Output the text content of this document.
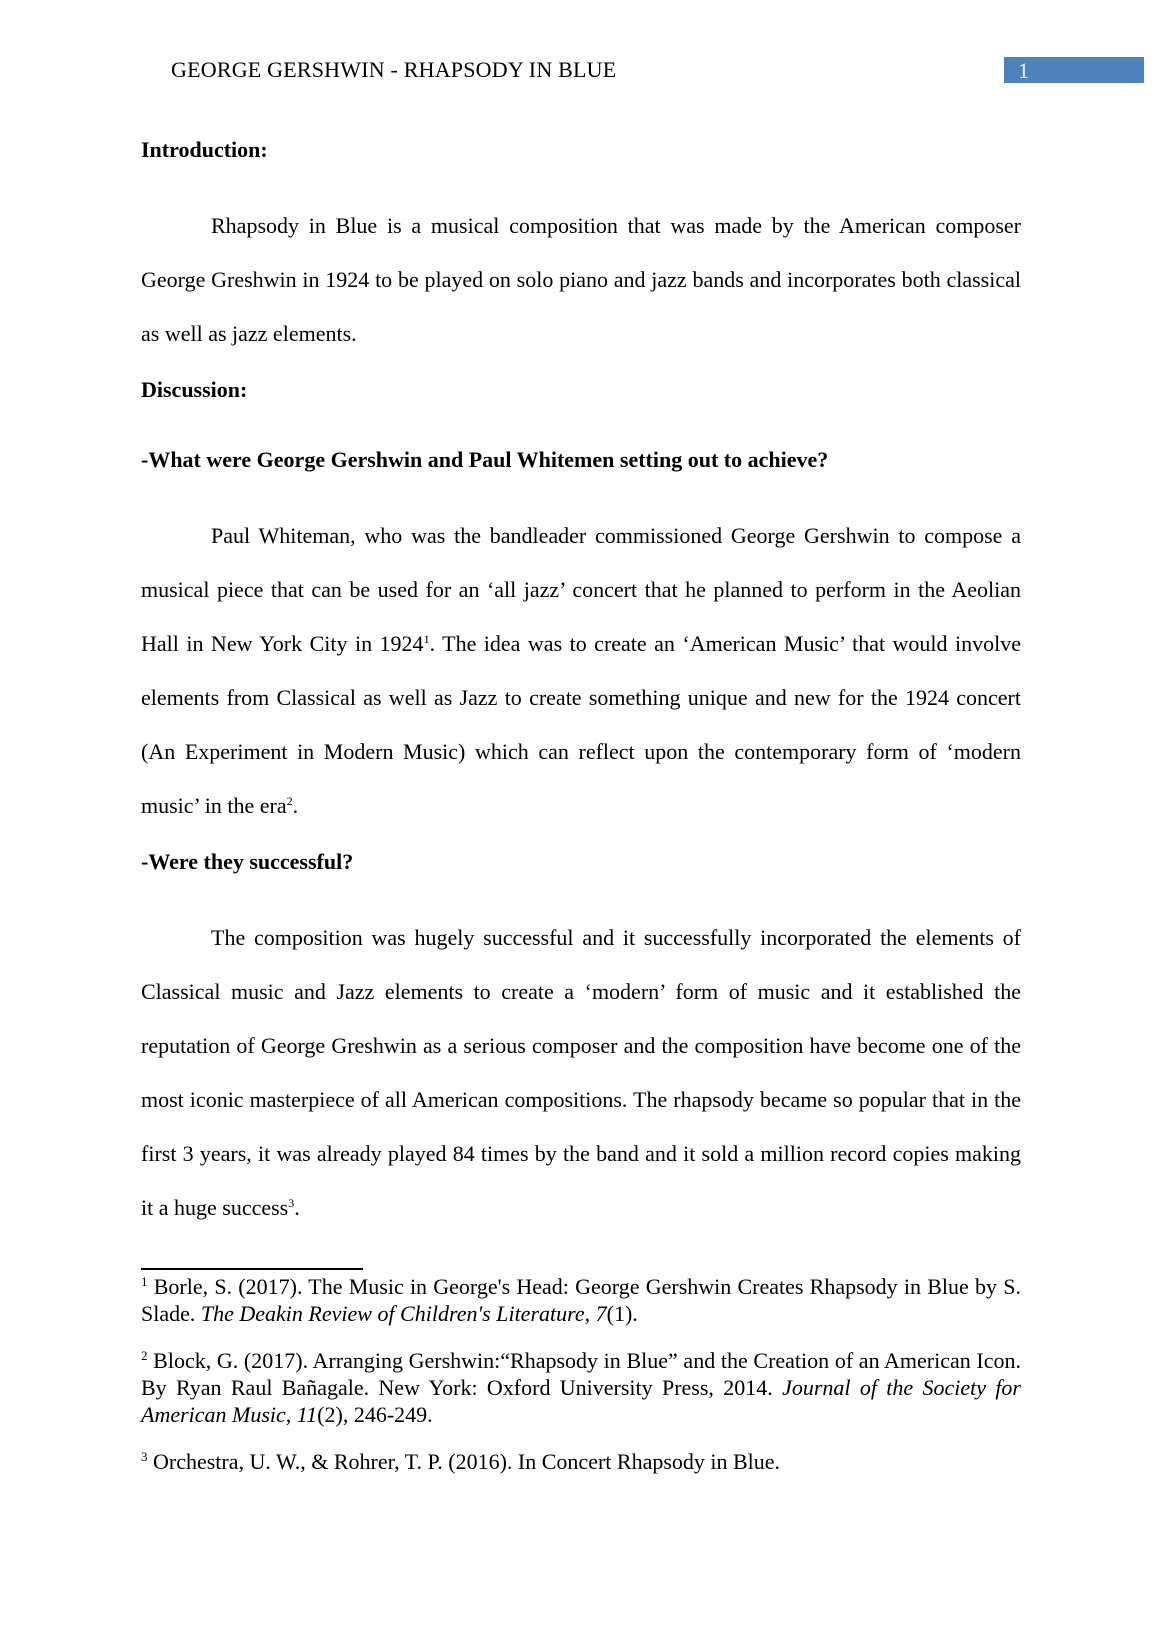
GEORGE GERSHWIN - RHAPSODY IN BLUE	1

Introduction:

Rhapsody in Blue is a musical composition that was made by the American composer George Greshwin in 1924 to be played on solo piano and jazz bands and incorporates both classical as well as jazz elements.

Discussion:

-What were George Gershwin and Paul Whitemen setting out to achieve?

Paul Whiteman, who was the bandleader commissioned George Gershwin to compose a musical piece that can be used for an ‘all jazz’ concert that he planned to perform in the Aeolian Hall in New York City in 1924$^1$. The idea was to create an ‘American Music’ that would involve elements from Classical as well as Jazz to create something unique and new for the 1924 concert (An Experiment in Modern Music) which can reflect upon the contemporary form of ‘modern music’ in the era$^2$.

-Were they successful?

The composition was hugely successful and it successfully incorporated the elements of Classical music and Jazz elements to create a ‘modern’ form of music and it established the reputation of George Greshwin as a serious composer and the composition have become one of the most iconic masterpiece of all American compositions. The rhapsody became so popular that in the first 3 years, it was already played 84 times by the band and it sold a million record copies making it a huge success$^3$.

$^1$ Borle, S. (2017). The Music in George's Head: George Gershwin Creates Rhapsody in Blue by S. Slade. The Deakin Review of Children's Literature, 7(1).

$^2$ Block, G. (2017). Arranging Gershwin:“Rhapsody in Blue” and the Creation of an American Icon. By Ryan Raul Bañagale. New York: Oxford University Press, 2014. Journal of the Society for American Music, 11(2), 246-249.

$^3$ Orchestra, U. W., & Rohrer, T. P. (2016). In Concert Rhapsody in Blue.
